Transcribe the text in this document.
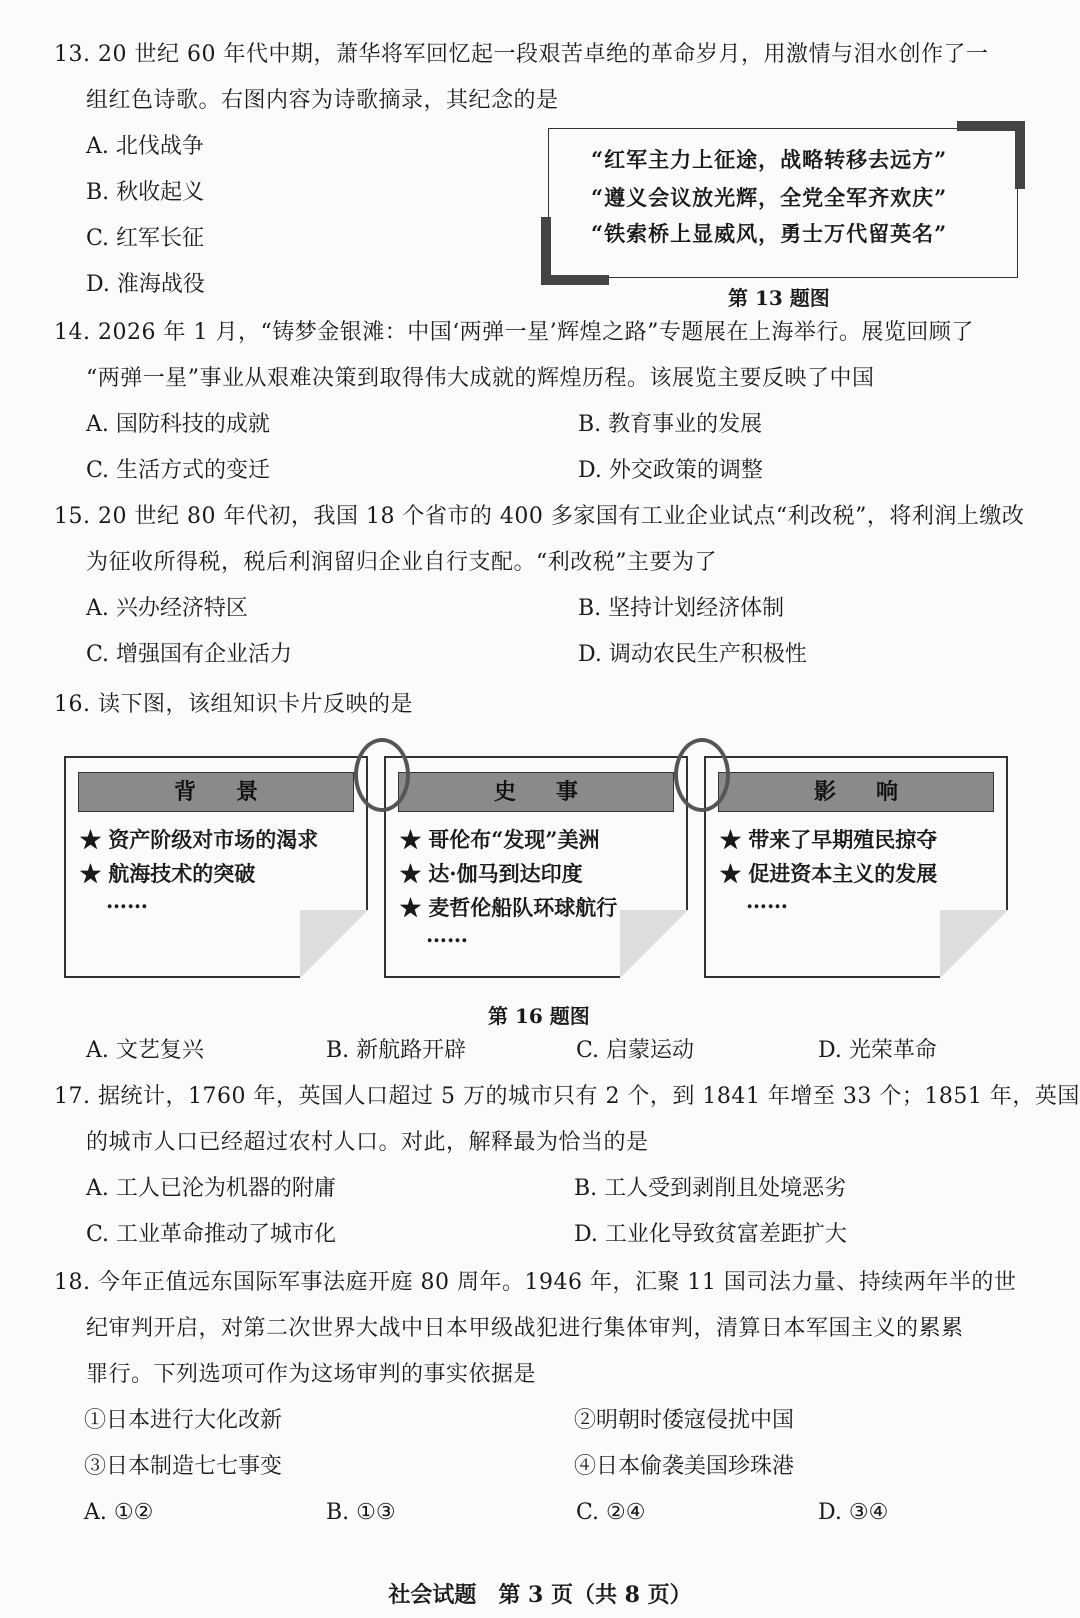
13. 20 世纪 60 年代中期，萧华将军回忆起一段艰苦卓绝的革命岁月，用激情与泪水创作了一
组红色诗歌。右图内容为诗歌摘录，其纪念的是
A. 北伐战争
B. 秋收起义
C. 红军长征
D. 淮海战役
“红军主力上征途，战略转移去远方”
“遵义会议放光辉，全党全军齐欢庆”
“铁索桥上显威风，勇士万代留英名”
第 13 题图
14. 2026 年 1 月，“铸梦金银滩：中国‘两弹一星’辉煌之路”专题展在上海举行。展览回顾了
“两弹一星”事业从艰难决策到取得伟大成就的辉煌历程。该展览主要反映了中国
A. 国防科技的成就	B. 教育事业的发展
C. 生活方式的变迁	D. 外交政策的调整
15. 20 世纪 80 年代初，我国 18 个省市的 400 多家国有工业企业试点“利改税”，将利润上缴改
为征收所得税，税后利润留归企业自行支配。“利改税”主要为了
A. 兴办经济特区	B. 坚持计划经济体制
C. 增强国有企业活力	D. 调动农民生产积极性
16. 读下图，该组知识卡片反映的是
背景
★ 资产阶级对市场的渴求
★ 航海技术的突破
……
史事
★ 哥伦布“发现”美洲
★ 达·伽马到达印度
★ 麦哲伦船队环球航行
……
影响
★ 带来了早期殖民掠夺
★ 促进资本主义的发展
……
第 16 题图
A. 文艺复兴	B. 新航路开辟	C. 启蒙运动	D. 光荣革命
17. 据统计，1760 年，英国人口超过 5 万的城市只有 2 个，到 1841 年增至 33 个；1851 年，英国
的城市人口已经超过农村人口。对此，解释最为恰当的是
A. 工人已沦为机器的附庸	B. 工人受到剥削且处境恶劣
C. 工业革命推动了城市化	D. 工业化导致贫富差距扩大
18. 今年正值远东国际军事法庭开庭 80 周年。1946 年，汇聚 11 国司法力量、持续两年半的世
纪审判开启，对第二次世界大战中日本甲级战犯进行集体审判，清算日本军国主义的累累
罪行。下列选项可作为这场审判的事实依据是
①日本进行大化改新	②明朝时倭寇侵扰中国
③日本制造七七事变	④日本偷袭美国珍珠港
A. ①②	B. ①③	C. ②④	D. ③④
社会试题　第 3 页（共 8 页）
